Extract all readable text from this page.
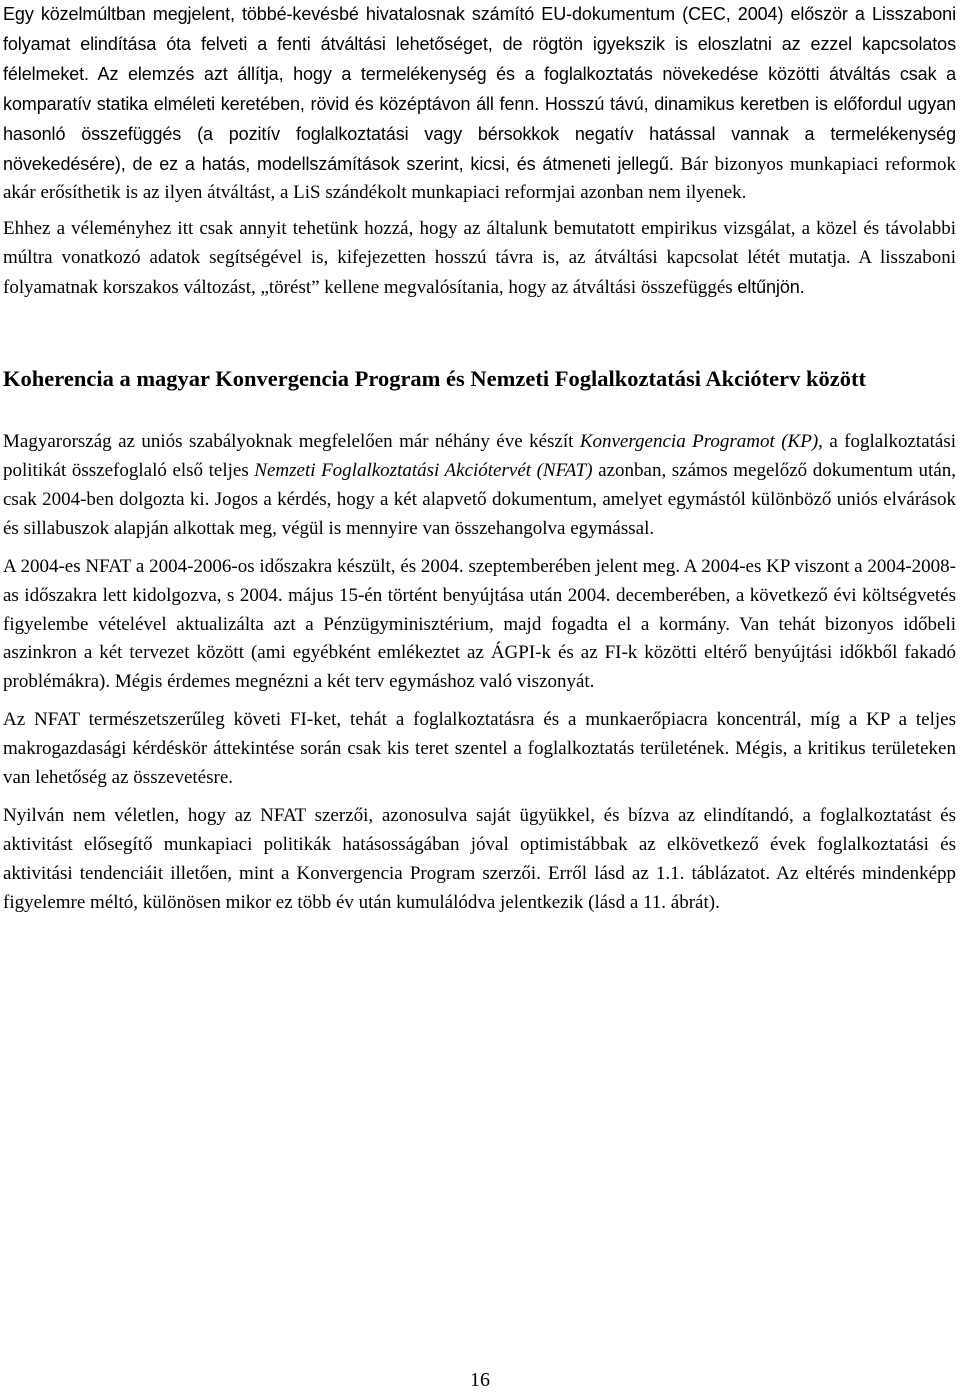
Egy közelmúltban megjelent, többé-kevésbé hivatalosnak számító EU-dokumentum (CEC, 2004) először a Lisszaboni folyamat elindítása óta felveti a fenti átváltási lehetőséget, de rögtön igyekszik is eloszlatni az ezzel kapcsolatos félelmeket. Az elemzés azt állítja, hogy a termelékenység és a foglalkoztatás növekedése közötti átváltás csak a komparatív statika elméleti keretében, rövid és középtávon áll fenn. Hosszú távú, dinamikus keretben is előfordul ugyan hasonló összefüggés (a pozitív foglalkoztatási vagy bérsokkok negatív hatással vannak a termelékenység növekedésére), de ez a hatás, modellszámítások szerint, kicsi, és átmeneti jellegű. Bár bizonyos munkapiaci reformok akár erősíthetik is az ilyen átváltást, a LiS szándékolt munkapiaci reformjai azonban nem ilyenek.

Ehhez a véleményhez itt csak annyit tehetünk hozzá, hogy az általunk bemutatott empirikus vizsgálat, a közel és távolabbi múltra vonatkozó adatok segítségével is, kifejezetten hosszú távra is, az átváltási kapcsolat létét mutatja. A lisszaboni folyamatnak korszakos változást, „törést” kellene megvalósítania, hogy az átváltási összefüggés eltűnjön.

Koherencia a magyar Konvergencia Program és Nemzeti Foglalkoztatási Akcióterv között

Magyarország az uniós szabályoknak megfelelően már néhány éve készít Konvergencia Programot (KP), a foglalkoztatási politikát összefoglaló első teljes Nemzeti Foglalkoztatási Akciótervét (NFAT) azonban, számos megelőző dokumentum után, csak 2004-ben dolgozta ki. Jogos a kérdés, hogy a két alapvető dokumentum, amelyet egymástól különböző uniós elvárások és sillabuszok alapján alkottak meg, végül is mennyire van összehangolva egymással.

A 2004-es NFAT a 2004-2006-os időszakra készült, és 2004. szeptemberében jelent meg. A 2004-es KP viszont a 2004-2008-as időszakra lett kidolgozva, s 2004. május 15-én történt benyújtása után 2004. decemberében, a következő évi költségvetés figyelembe vételével aktualizálta azt a Pénzügyminisztérium, majd fogadta el a kormány. Van tehát bizonyos időbeli aszinkron a két tervezet között (ami egyébként emlékeztet az ÁGPI-k és az FI-k közötti eltérő benyújtási időkből fakadó problémákra). Mégis érdemes megnézni a két terv egymáshoz való viszonyát.

Az NFAT természetszerűleg követi FI-ket, tehát a foglalkoztatásra és a munkaerőpiacra koncentrál, míg a KP a teljes makrogazdasági kérdéskör áttekintése során csak kis teret szentel a foglalkoztatás területének. Mégis, a kritikus területeken van lehetőség az összevetésre.

Nyilván nem véletlen, hogy az NFAT szerzői, azonosulva saját ügyükkel, és bízva az elindítandó, a foglalkoztatást és aktivitást elősegítő munkapiaci politikák hatásosságában jóval optimistábbak az elkövetkező évek foglalkoztatási és aktivitási tendenciáit illetően, mint a Konvergencia Program szerzői. Erről lásd az 1.1. táblázatot. Az eltérés mindenképp figyelemre méltó, különösen mikor ez több év után kumulálódva jelentkezik (lásd a 11. ábrát).

16
